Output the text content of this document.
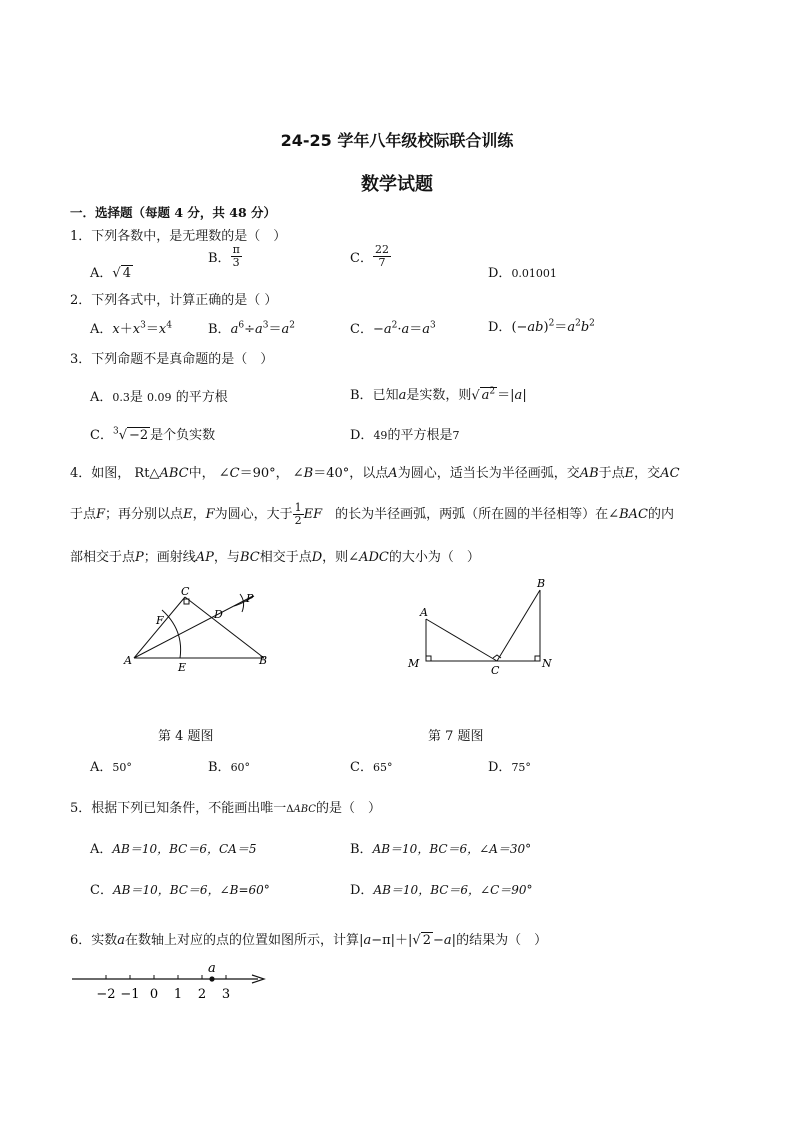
24-25 学年八年级校际联合训练
数学试题
一．选择题（每题 4 分，共 48 分）
1．下列各数中，是无理数的是（　）
A．√ 4
B． $\frac{\pi}{3}$	C． $\frac{22}{7}$
D．0.01001
2．下列各式中，计算正确的是（ ）
A．$x+x^3=x^4$	B．$a^6\div a^3=a^2$	C．$-a^2\cdot a=a^3$	D．$(-ab)^2=a^2b^2$
3．下列命题不是真命题的是（　）
A．0.3是 0.09 的平方根	B．已知a是实数，则√ $a^2 =|a|$
C．$^3$√ −2 是个负实数	D．49的平方根是7
4．如图， Rt△ABC中， ∠C＝90°， ∠B＝40°，以点A为圆心，适当长为半径画弧，交AB于点E，交AC
于点F；再分别以点E，F为圆心，大于 $\frac{1}{2}$ EF　 的长为半径画弧，两弧（所在圆的半径相等）在∠BAC的内
部相交于点P；画射线AP，与BC相交于点D，则∠ADC的大小为（　）
C
F	D
P
A
E
B
A
B
M
C
N
第 4 题图	第 7 题图
A．50°	B．60°	C．65°	D．75°
5．根据下列已知条件，不能画出唯一ΔABC的是（　）
A．AB＝10，BC＝6，CA＝5	B．AB＝10，BC＝6，∠A＝30°
C．AB＝10，BC＝6，∠B=60°	D．AB＝10，BC＝6，∠C＝90°
6．实数a在数轴上对应的点的位置如图所示，计算|a−π|＋|√ 2 −a|的结果为（　）
a
−2 −1 0 1 2 3
